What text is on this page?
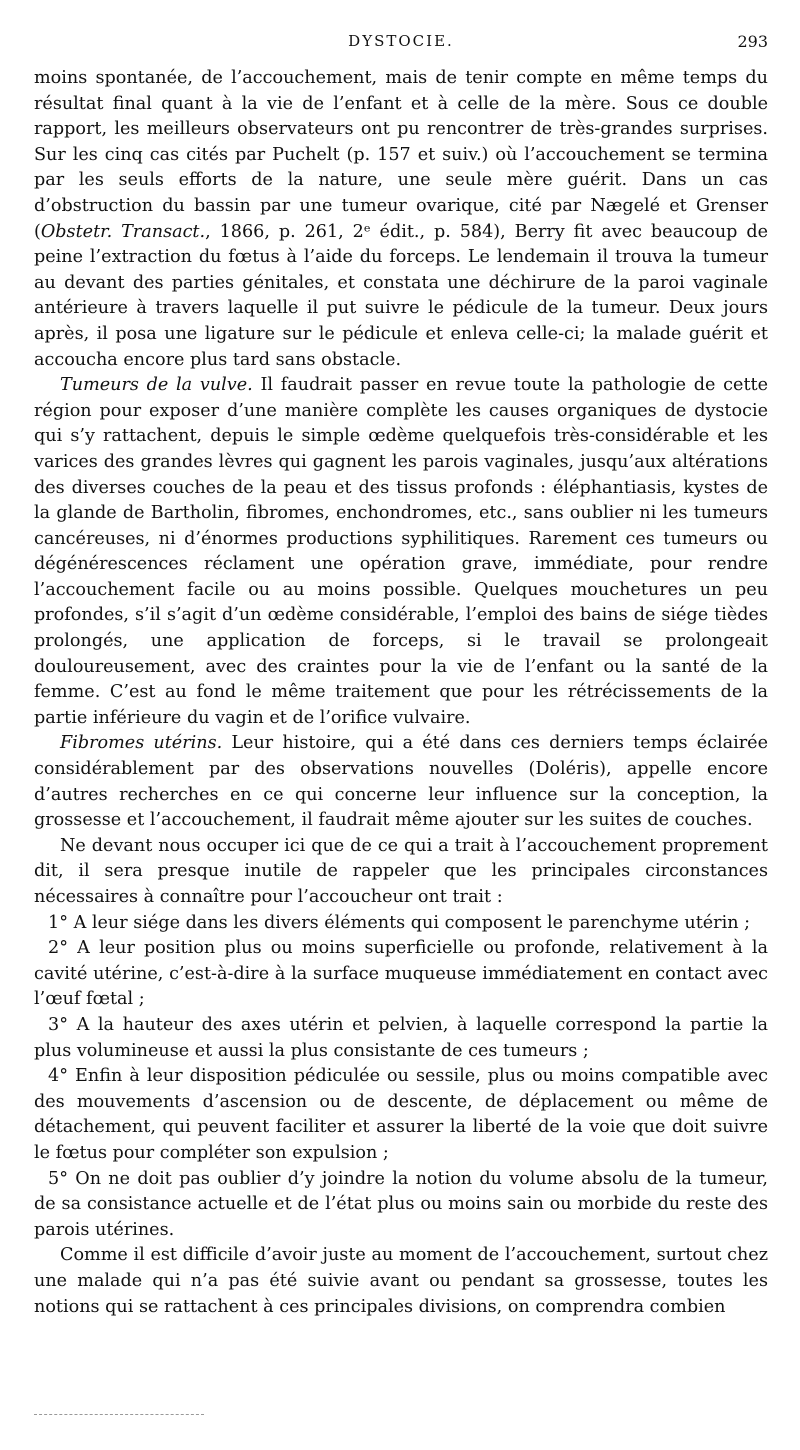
DYSTOCIE.	293

moins spontanée, de l’accouchement, mais de tenir compte en même temps du résultat final quant à la vie de l’enfant et à celle de la mère. Sous ce double rapport, les meilleurs observateurs ont pu rencontrer de très-grandes surprises. Sur les cinq cas cités par Puchelt (p. 157 et suiv.) où l’accouchement se termina par les seuls efforts de la nature, une seule mère guérit. Dans un cas d’obstruction du bassin par une tumeur ovarique, cité par Nægelé et Grenser (Obstetr. Transact., 1866, p. 261, 2ᵉ édit., p. 584), Berry fit avec beaucoup de peine l’extraction du fœtus à l’aide du forceps. Le lendemain il trouva la tumeur au devant des parties génitales, et constata une déchirure de la paroi vaginale antérieure à travers laquelle il put suivre le pédicule de la tumeur. Deux jours après, il posa une ligature sur le pédicule et enleva celle-ci; la malade guérit et accoucha encore plus tard sans obstacle.

Tumeurs de la vulve. Il faudrait passer en revue toute la pathologie de cette région pour exposer d’une manière complète les causes organiques de dystocie qui s’y rattachent, depuis le simple œdème quelquefois très-considérable et les varices des grandes lèvres qui gagnent les parois vaginales, jusqu’aux altérations des diverses couches de la peau et des tissus profonds : éléphantiasis, kystes de la glande de Bartholin, fibromes, enchondromes, etc., sans oublier ni les tumeurs cancéreuses, ni d’énormes productions syphilitiques. Rarement ces tumeurs ou dégénérescences réclament une opération grave, immédiate, pour rendre l’accouchement facile ou au moins possible. Quelques mouchetures un peu profondes, s’il s’agit d’un œdème considérable, l’emploi des bains de siége tièdes prolongés, une application de forceps, si le travail se prolongeait douloureusement, avec des craintes pour la vie de l’enfant ou la santé de la femme. C’est au fond le même traitement que pour les rétrécissements de la partie inférieure du vagin et de l’orifice vulvaire.

Fibromes utérins. Leur histoire, qui a été dans ces derniers temps éclairée considérablement par des observations nouvelles (Doléris), appelle encore d’autres recherches en ce qui concerne leur influence sur la conception, la grossesse et l’accouchement, il faudrait même ajouter sur les suites de couches.

Ne devant nous occuper ici que de ce qui a trait à l’accouchement proprement dit, il sera presque inutile de rappeler que les principales circonstances nécessaires à connaître pour l’accoucheur ont trait :

1° A leur siége dans les divers éléments qui composent le parenchyme utérin ;

2° A leur position plus ou moins superficielle ou profonde, relativement à la cavité utérine, c’est-à-dire à la surface muqueuse immédiatement en contact avec l’œuf fœtal ;

3° A la hauteur des axes utérin et pelvien, à laquelle correspond la partie la plus volumineuse et aussi la plus consistante de ces tumeurs ;

4° Enfin à leur disposition pédiculée ou sessile, plus ou moins compatible avec des mouvements d’ascension ou de descente, de déplacement ou même de détachement, qui peuvent faciliter et assurer la liberté de la voie que doit suivre le fœtus pour compléter son expulsion ;

5° On ne doit pas oublier d’y joindre la notion du volume absolu de la tumeur, de sa consistance actuelle et de l’état plus ou moins sain ou morbide du reste des parois utérines.

Comme il est difficile d’avoir juste au moment de l’accouchement, surtout chez une malade qui n’a pas été suivie avant ou pendant sa grossesse, toutes les notions qui se rattachent à ces principales divisions, on comprendra combien
